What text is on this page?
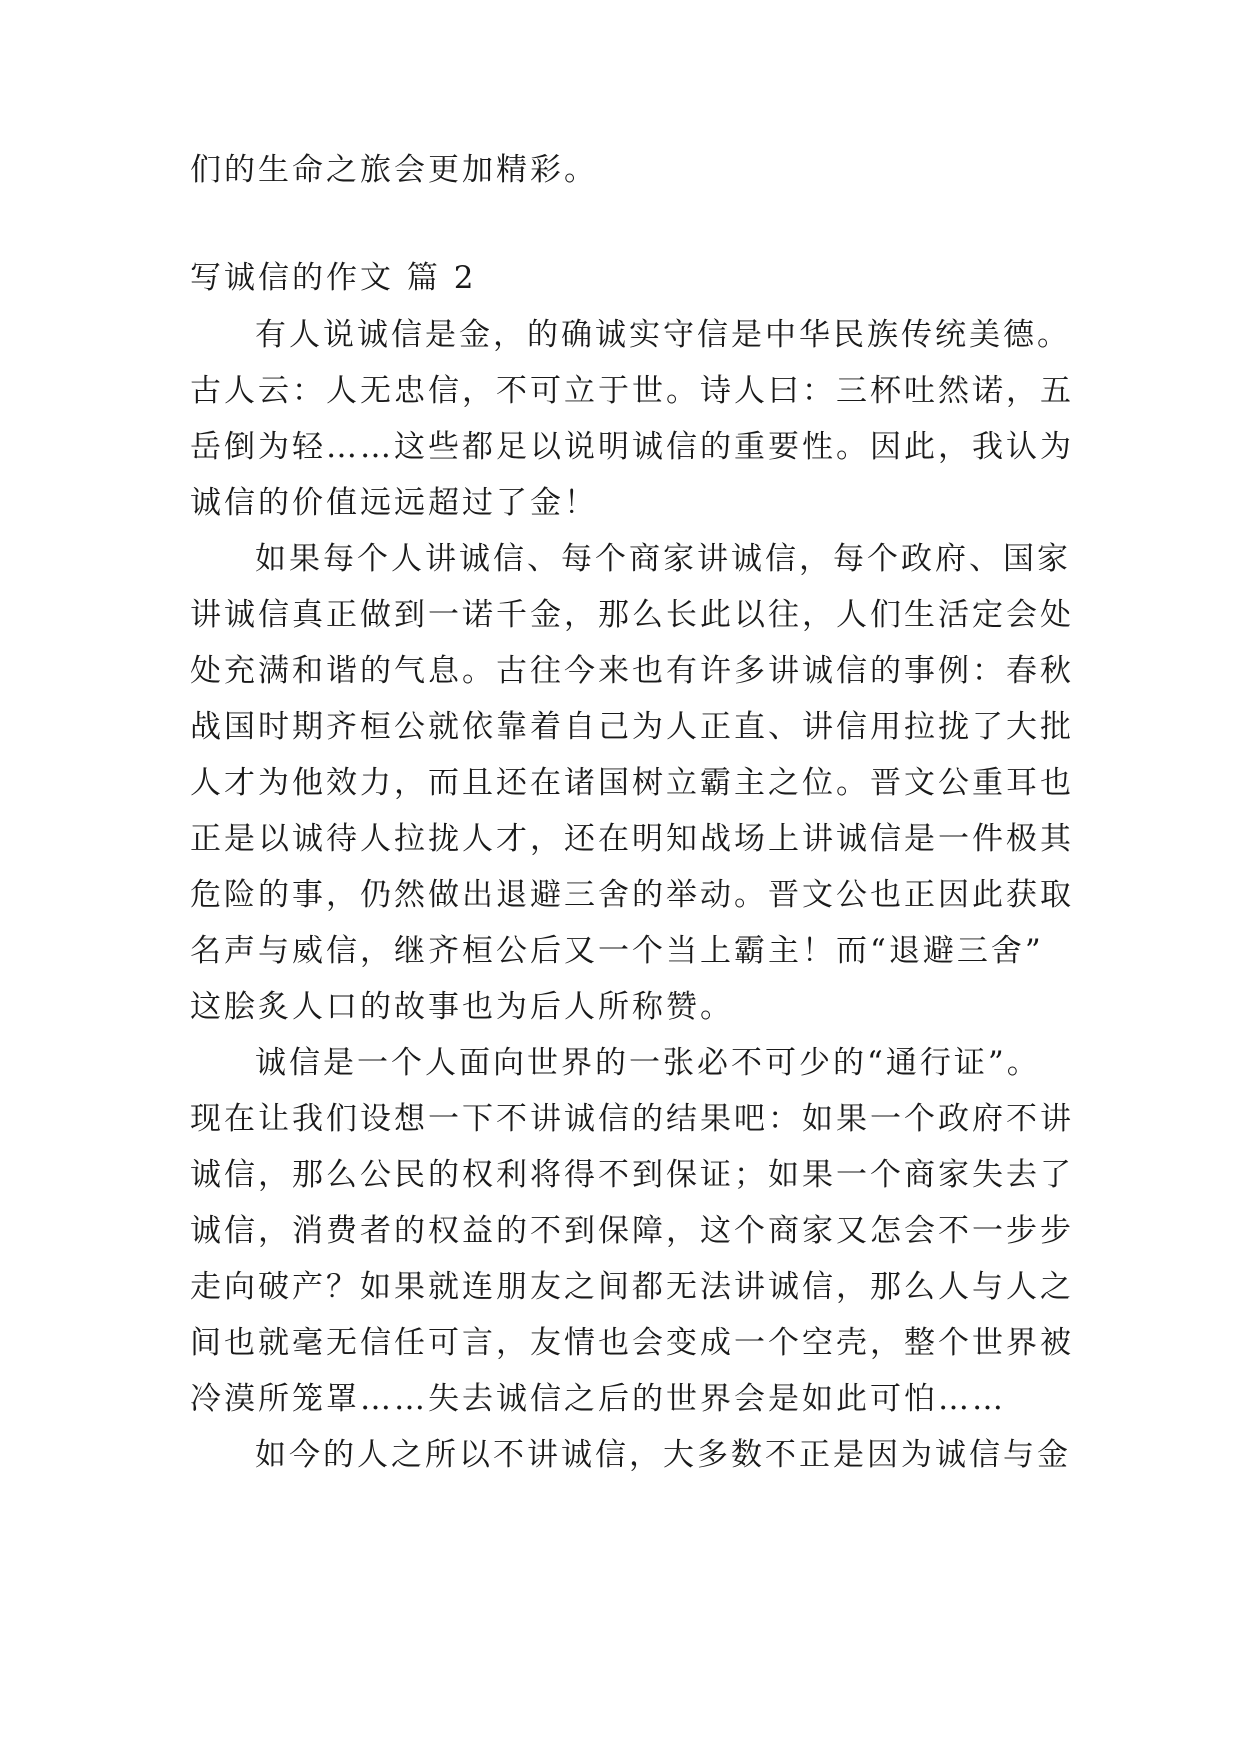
们的生命之旅会更加精彩。
写诚信的作文 篇 2
有人说诚信是金，的确诚实守信是中华民族传统美德。
古人云：人无忠信，不可立于世。诗人曰：三杯吐然诺，五
岳倒为轻……这些都足以说明诚信的重要性。因此，我认为
诚信的价值远远超过了金！
如果每个人讲诚信、每个商家讲诚信，每个政府、国家
讲诚信真正做到一诺千金，那么长此以往，人们生活定会处
处充满和谐的气息。古往今来也有许多讲诚信的事例：春秋
战国时期齐桓公就依靠着自己为人正直、讲信用拉拢了大批
人才为他效力，而且还在诸国树立霸主之位。晋文公重耳也
正是以诚待人拉拢人才，还在明知战场上讲诚信是一件极其
危险的事，仍然做出退避三舍的举动。晋文公也正因此获取
名声与威信，继齐桓公后又一个当上霸主！而“退避三舍”
这脍炙人口的故事也为后人所称赞。
诚信是一个人面向世界的一张必不可少的“通行证”。
现在让我们设想一下不讲诚信的结果吧：如果一个政府不讲
诚信，那么公民的权利将得不到保证；如果一个商家失去了
诚信，消费者的权益的不到保障，这个商家又怎会不一步步
走向破产？如果就连朋友之间都无法讲诚信，那么人与人之
间也就毫无信任可言，友情也会变成一个空壳，整个世界被
冷漠所笼罩……失去诚信之后的世界会是如此可怕……
如今的人之所以不讲诚信，大多数不正是因为诚信与金
